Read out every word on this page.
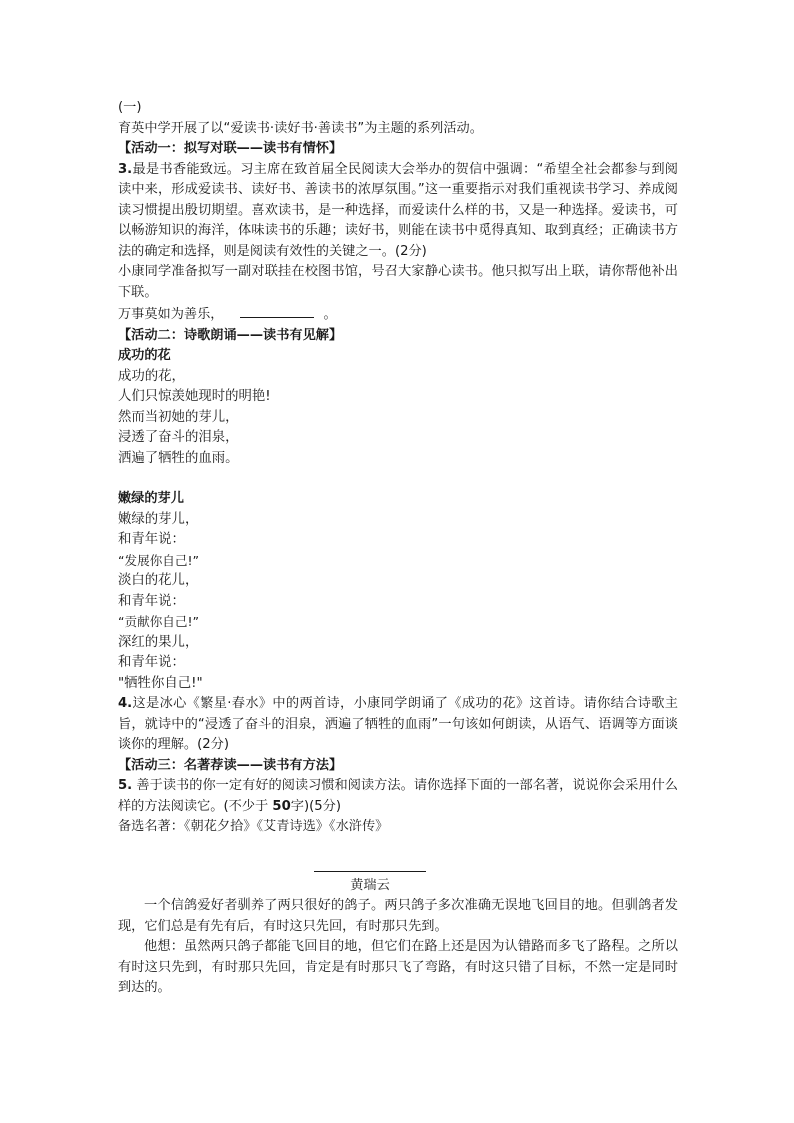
(一)
育英中学开展了以“爱读书·读好书·善读书”为主题的系列活动。
【活动一：拟写对联——读书有情怀】
3.最是书香能致远。习主席在致首届全民阅读大会举办的贺信中强调：“希望全社会都参与到阅读中来，形成爱读书、读好书、善读书的浓厚氛围。”这一重要指示对我们重视读书学习、养成阅读习惯提出殷切期望。喜欢读书，是一种选择，而爱读什么样的书，又是一种选择。爱读书，可以畅游知识的海洋，体味读书的乐趣；读好书，则能在读书中觅得真知、取到真经；正确读书方法的确定和选择，则是阅读有效性的关键之一。(2分)
小康同学准备拟写一副对联挂在校图书馆，号召大家静心读书。他只拟写出上联，请你帮他补出下联。
万事莫如为善乐，	。
【活动二：诗歌朗诵——读书有见解】
成功的花
成功的花，
人们只惊羡她现时的明艳!
然而当初她的芽儿，
浸透了奋斗的泪泉，
洒遍了牺牲的血雨。
嫩绿的芽儿
嫩绿的芽儿，
和青年说：
“发展你自己!”
淡白的花儿，
和青年说：
“贡献你自己!”
深红的果儿，
和青年说：
"牺牲你自己!"
4.这是冰心《繁星·春水》中的两首诗，小康同学朗诵了《成功的花》这首诗。请你结合诗歌主旨，就诗中的“浸透了奋斗的泪泉，洒遍了牺牲的血雨”一句该如何朗读，从语气、语调等方面谈谈你的理解。(2分)
【活动三：名著荐读——读书有方法】
5. 善于读书的你一定有好的阅读习惯和阅读方法。请你选择下面的一部名著，说说你会采用什么样的方法阅读它。(不少于 50字)(5分)
备选名著：《朝花夕拾》《艾青诗选》《水浒传》
黄瑞云
一个信鸽爱好者驯养了两只很好的鸽子。两只鸽子多次准确无误地飞回目的地。但驯鸽者发现，它们总是有先有后，有时这只先回，有时那只先到。
他想：虽然两只鸽子都能飞回目的地，但它们在路上还是因为认错路而多飞了路程。之所以有时这只先到，有时那只先回，肯定是有时那只飞了弯路，有时这只错了目标，不然一定是同时到达的。
